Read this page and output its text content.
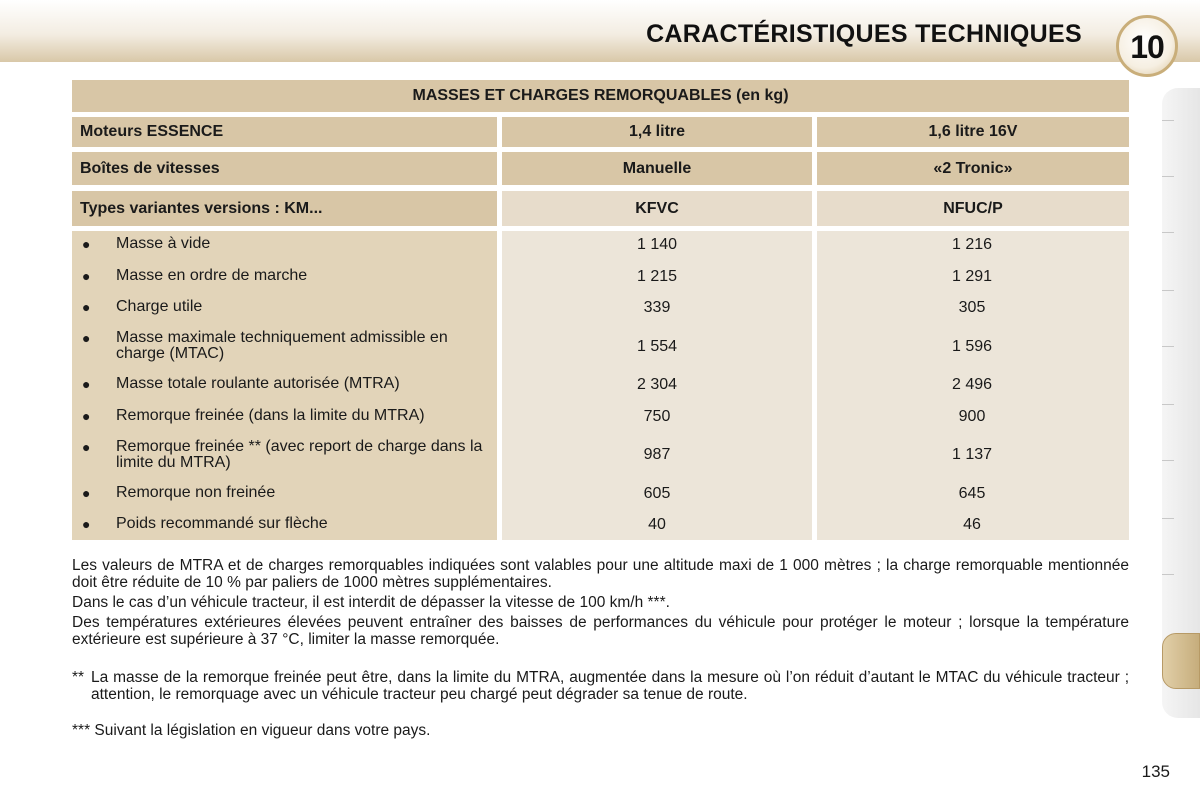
CARACTÉRISTIQUES TECHNIQUES	10
MASSES ET CHARGES REMORQUABLES (en kg)
Moteurs ESSENCE	1,4 litre	1,6 litre 16V
Boîtes de vitesses	Manuelle	«2 Tronic»
Types variantes versions : KM...	KFVC	NFUC/P
● Masse à vide	1 140	1 216
● Masse en ordre de marche	1 215	1 291
● Charge utile	339	305
● Masse maximale techniquement admissible en charge (MTAC)	1 554	1 596
● Masse totale roulante autorisée (MTRA)	2 304	2 496
● Remorque freinée (dans la limite du MTRA)	750	900
● Remorque freinée ** (avec report de charge dans la limite du MTRA)	987	1 137
● Remorque non freinée	605	645
● Poids recommandé sur flèche	40	46
Les valeurs de MTRA et de charges remorquables indiquées sont valables pour une altitude maxi de 1 000 mètres ; la charge remorquable mentionnée doit être réduite de 10 % par paliers de 1000 mètres supplémentaires.
Dans le cas d’un véhicule tracteur, il est interdit de dépasser la vitesse de 100 km/h ***.
Des températures extérieures élevées peuvent entraîner des baisses de performances du véhicule pour protéger le moteur ; lorsque la température extérieure est supérieure à 37 °C, limiter la masse remorquée.
** La masse de la remorque freinée peut être, dans la limite du MTRA, augmentée dans la mesure où l’on réduit d’autant le MTAC du véhicule tracteur ; attention, le remorquage avec un véhicule tracteur peu chargé peut dégrader sa tenue de route.
*** Suivant la législation en vigueur dans votre pays.
135
